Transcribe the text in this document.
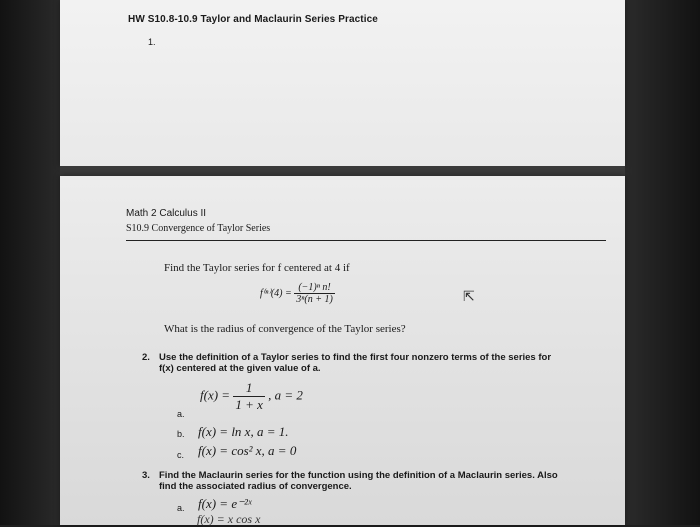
HW S10.8-10.9 Taylor and Maclaurin Series Practice
1.
Math 2 Calculus II
S10.9 Convergence of Taylor Series
Find the Taylor series for f centered at 4 if
$f^{(n)}(4) = \frac{\text{(−1)ⁿ n!}}{\text{3ⁿ(n + 1)}}$	⇱
What is the radius of convergence of the Taylor series?
2. Use the definition of a Taylor series to find the first four nonzero terms of the series for f(x) centered at the given value of a.
$f(x) = \frac{1}{1 + x}$ , a = 2
a.
b. f(x) = ln x, a = 1.
c. f(x) = cos² x, a = 0
3. Find the Maclaurin series for the function using the definition of a Maclaurin series. Also find the associated radius of convergence.
a. f(x) = e⁻²ˣ
f(x) = x cos x
